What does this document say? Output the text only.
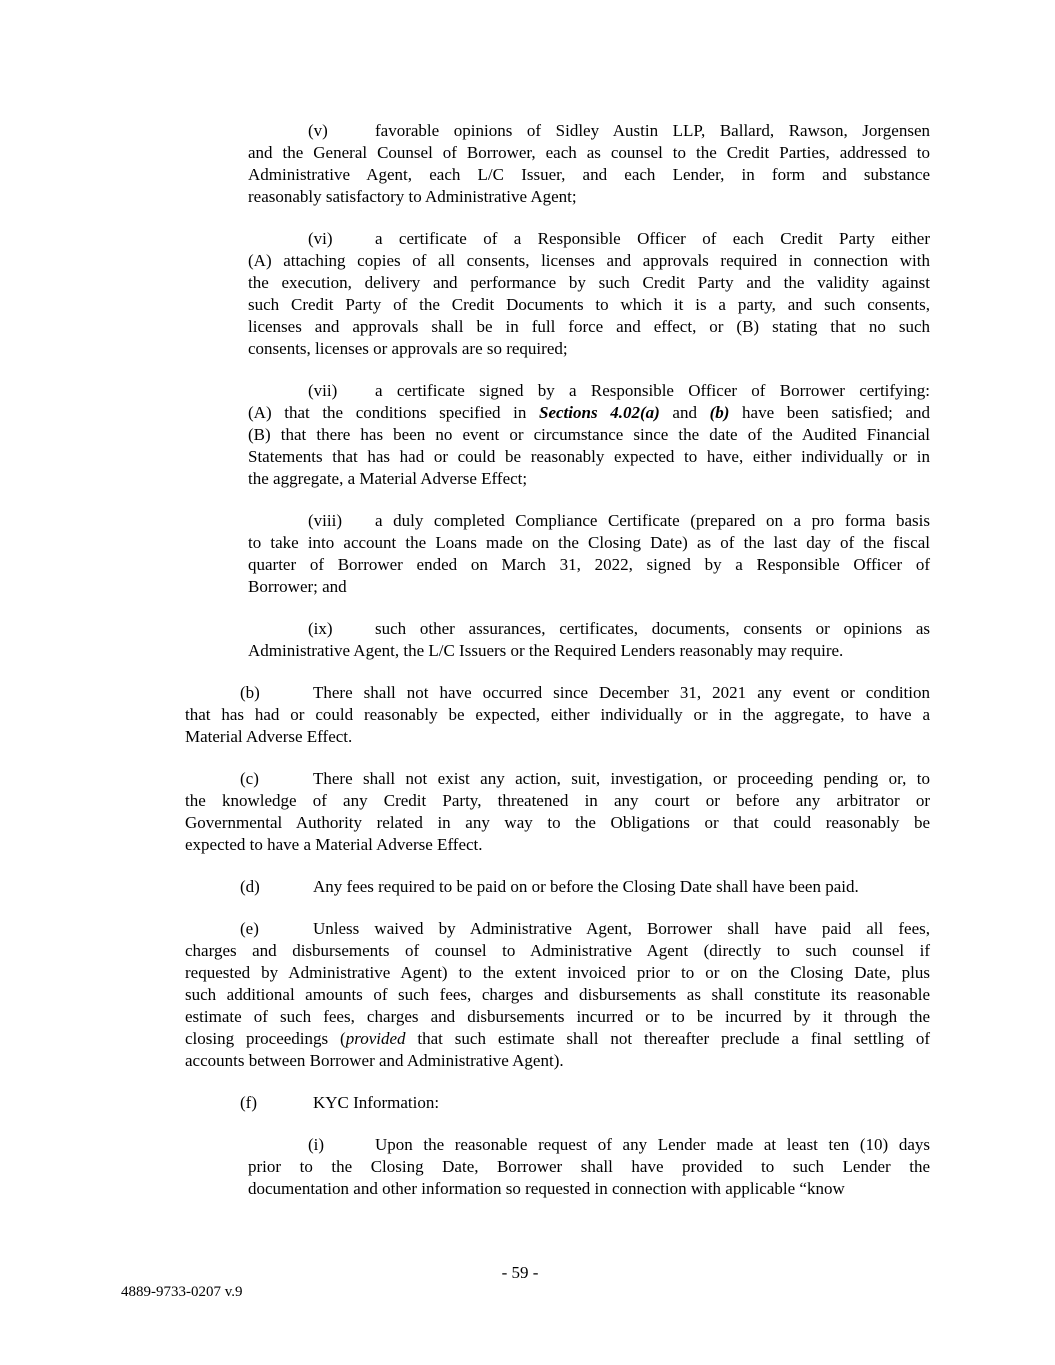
(v)	favorable opinions of Sidley Austin LLP, Ballard, Rawson, Jorgensen
and the General Counsel of Borrower, each as counsel to the Credit Parties, addressed to
Administrative Agent, each L/C Issuer, and each Lender, in form and substance
reasonably satisfactory to Administrative Agent;
(vi) a certificate of a Responsible Officer of each Credit Party either
(A) attaching copies of all consents, licenses and approvals required in connection with
the execution, delivery and performance by such Credit Party and the validity against
such Credit Party of the Credit Documents to which it is a party, and such consents,
licenses and approvals shall be in full force and effect, or (B) stating that no such
consents, licenses or approvals are so required;
(vii) a certificate signed by a Responsible Officer of Borrower certifying:
(A) that the conditions specified in Sections 4.02(a) and (b) have been satisfied; and
(B) that there has been no event or circumstance since the date of the Audited Financial
Statements that has had or could be reasonably expected to have, either individually or in
the aggregate, a Material Adverse Effect;
(viii) a duly completed Compliance Certificate (prepared on a pro forma basis
to take into account the Loans made on the Closing Date) as of the last day of the fiscal
quarter of Borrower ended on March 31, 2022, signed by a Responsible Officer of
Borrower; and
(ix) such other assurances, certificates, documents, consents or opinions as
Administrative Agent, the L/C Issuers or the Required Lenders reasonably may require.
(b)	There shall not have occurred since December 31, 2021 any event or condition
that has had or could reasonably be expected, either individually or in the aggregate, to have a
Material Adverse Effect.
(c)	There shall not exist any action, suit, investigation, or proceeding pending or, to
the knowledge of any Credit Party, threatened in any court or before any arbitrator or
Governmental Authority related in any way to the Obligations or that could reasonably be
expected to have a Material Adverse Effect.
(d)	Any fees required to be paid on or before the Closing Date shall have been paid.
(e)	Unless waived by Administrative Agent, Borrower shall have paid all fees,
charges and disbursements of counsel to Administrative Agent (directly to such counsel if
requested by Administrative Agent) to the extent invoiced prior to or on the Closing Date, plus
such additional amounts of such fees, charges and disbursements as shall constitute its reasonable
estimate of such fees, charges and disbursements incurred or to be incurred by it through the
closing proceedings (provided that such estimate shall not thereafter preclude a final settling of
accounts between Borrower and Administrative Agent).
(f)	KYC Information:
(i)	Upon the reasonable request of any Lender made at least ten (10) days
prior to the Closing Date, Borrower shall have provided to such Lender the
documentation and other information so requested in connection with applicable “know
- 59 -
4889-9733-0207 v.9
